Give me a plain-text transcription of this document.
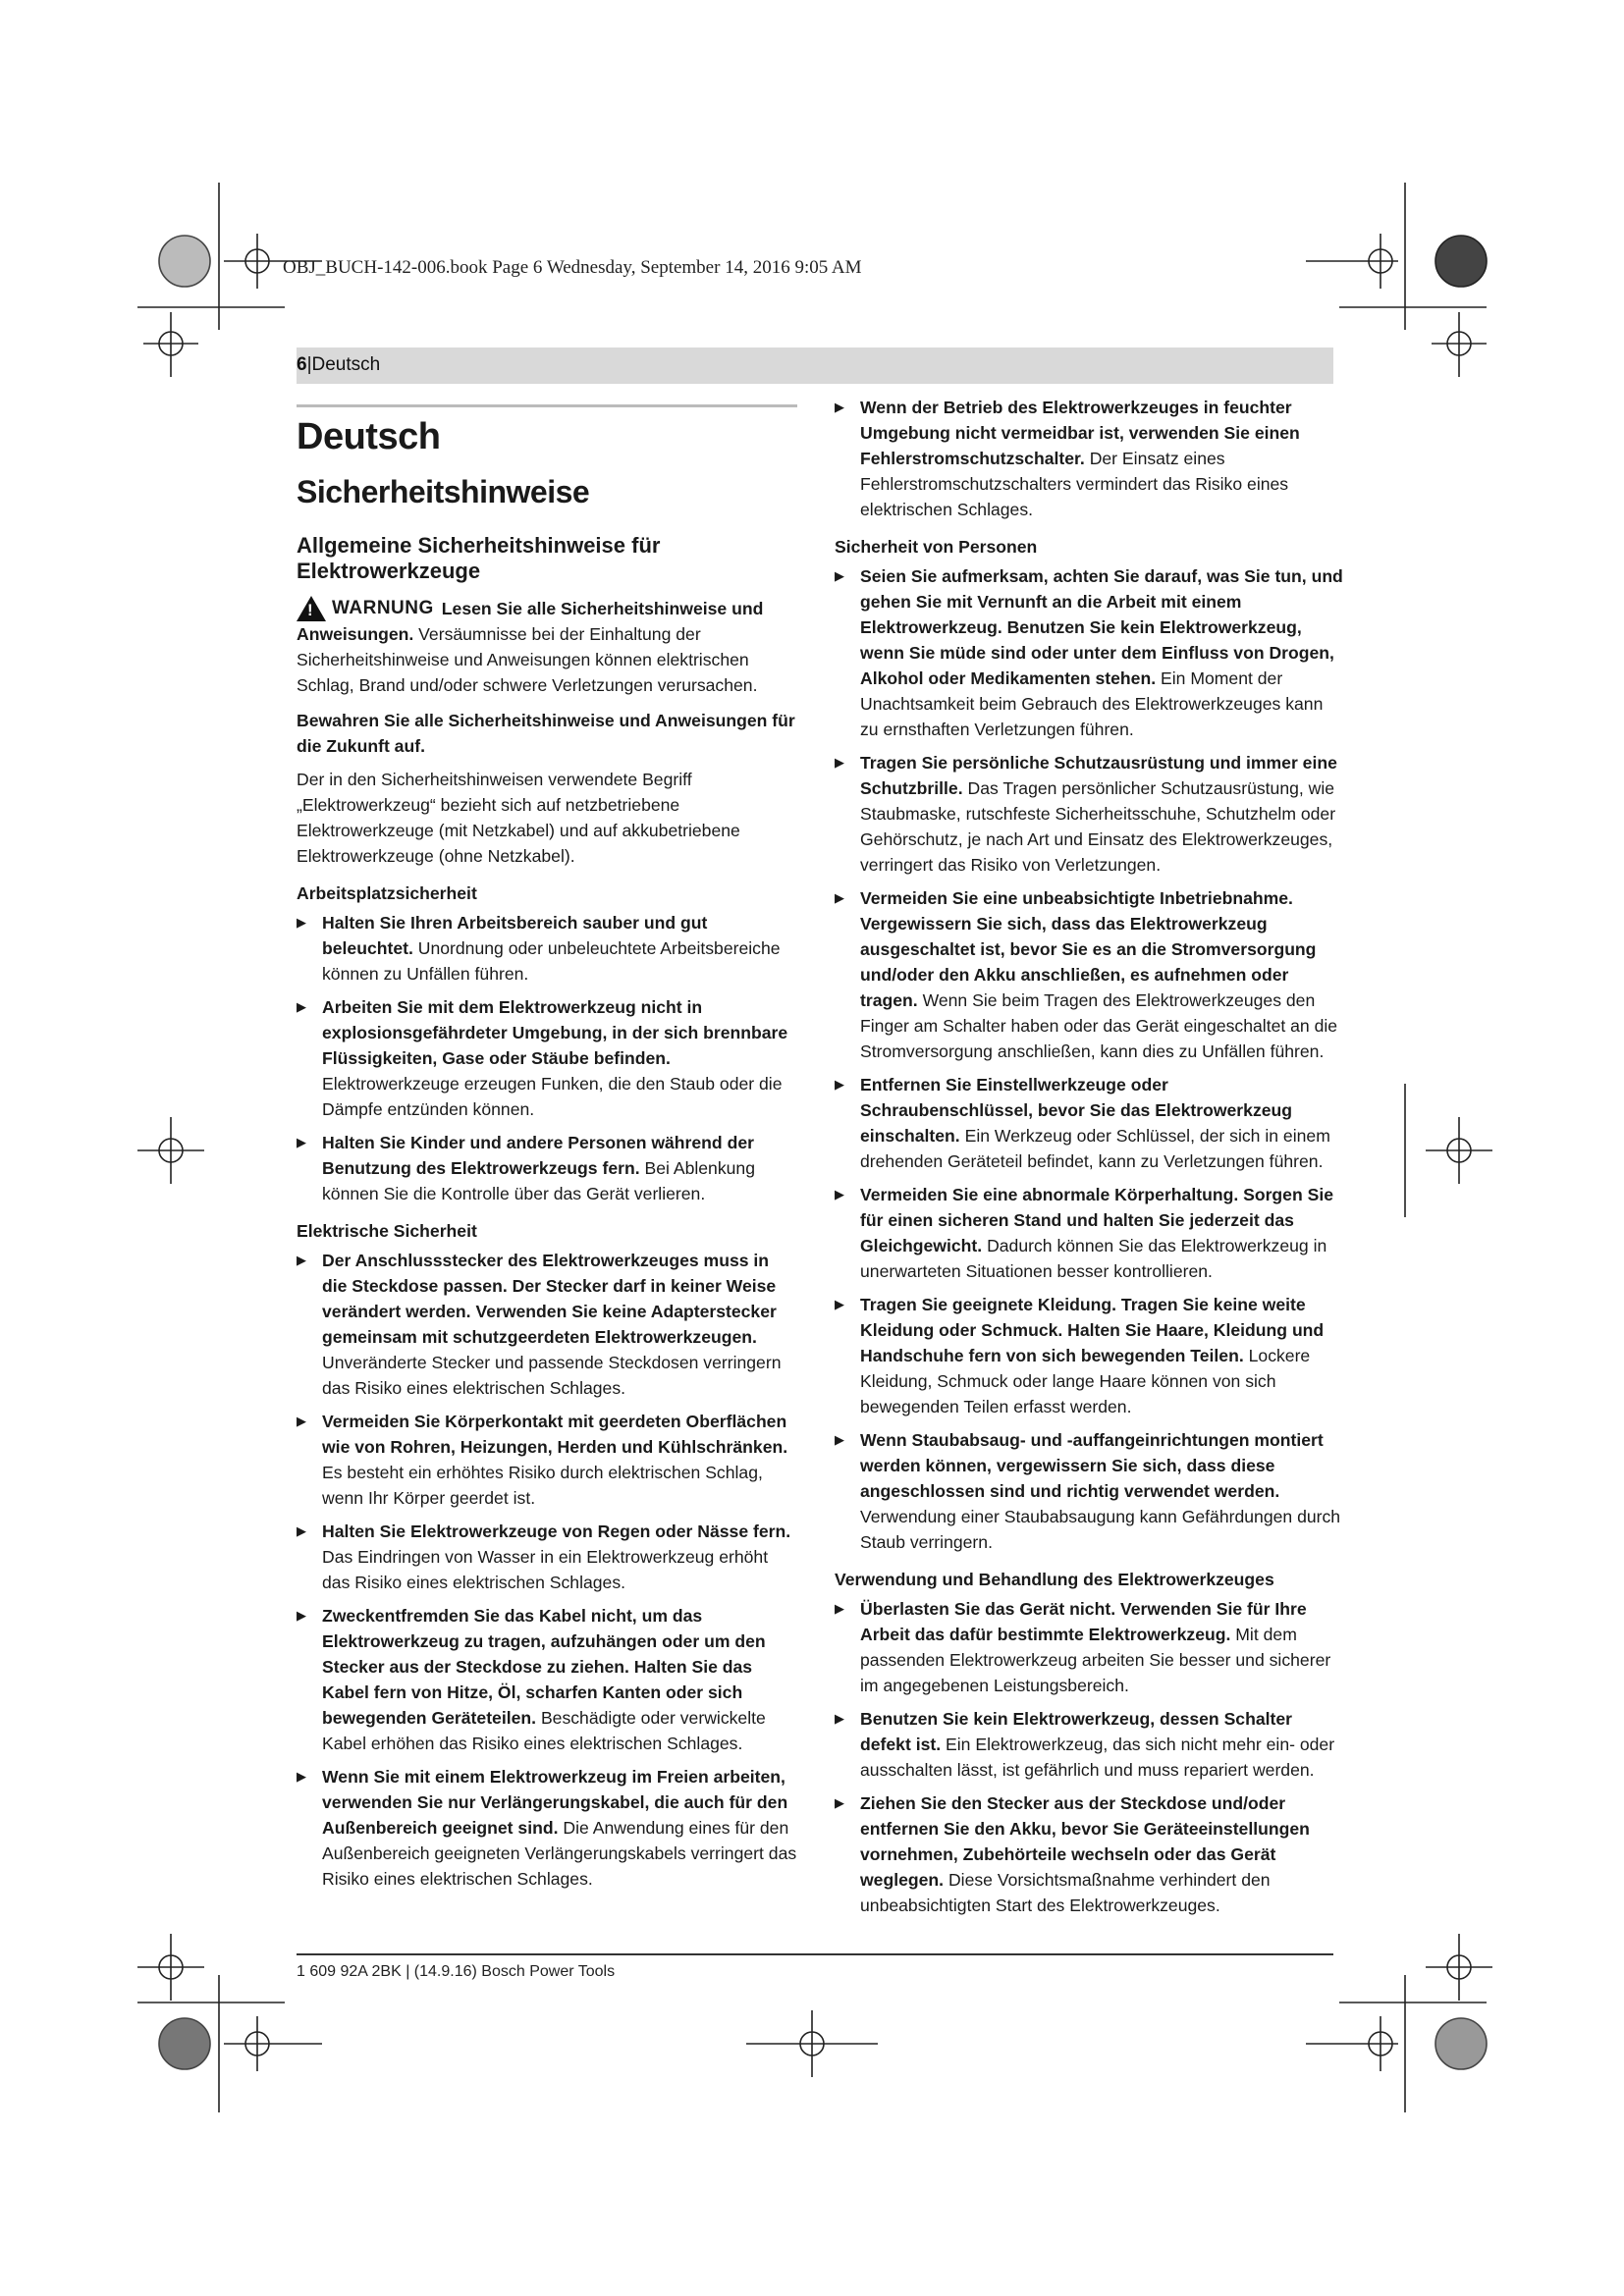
OBJ_BUCH-142-006.book Page 6 Wednesday, September 14, 2016 9:05 AM
6|Deutsch
Deutsch
Sicherheitshinweise
Allgemeine Sicherheitshinweise für Elektrowerkzeuge
! WARNUNG Lesen Sie alle Sicherheitshinweise und Anweisungen. Versäumnisse bei der Einhaltung der Sicherheitshinweise und Anweisungen können elektrischen Schlag, Brand und/oder schwere Verletzungen verursachen.

Bewahren Sie alle Sicherheitshinweise und Anweisungen für die Zukunft auf.

Der in den Sicherheitshinweisen verwendete Begriff „Elektrowerkzeug“ bezieht sich auf netzbetriebene Elektrowerkzeuge (mit Netzkabel) und auf akkubetriebene Elektrowerkzeuge (ohne Netzkabel).

Arbeitsplatzsicherheit
▶ Halten Sie Ihren Arbeitsbereich sauber und gut beleuchtet. Unordnung oder unbeleuchtete Arbeitsbereiche können zu Unfällen führen.
▶ Arbeiten Sie mit dem Elektrowerkzeug nicht in explosionsgefährdeter Umgebung, in der sich brennbare Flüssigkeiten, Gase oder Stäube befinden. Elektrowerkzeuge erzeugen Funken, die den Staub oder die Dämpfe entzünden können.
▶ Halten Sie Kinder und andere Personen während der Benutzung des Elektrowerkzeugs fern. Bei Ablenkung können Sie die Kontrolle über das Gerät verlieren.
Elektrische Sicherheit
▶ Der Anschlussstecker des Elektrowerkzeuges muss in die Steckdose passen. Der Stecker darf in keiner Weise verändert werden. Verwenden Sie keine Adapterstecker gemeinsam mit schutzgeerdeten Elektrowerkzeugen. Unveränderte Stecker und passende Steckdosen verringern das Risiko eines elektrischen Schlages.
▶ Vermeiden Sie Körperkontakt mit geerdeten Oberflächen wie von Rohren, Heizungen, Herden und Kühlschränken. Es besteht ein erhöhtes Risiko durch elektrischen Schlag, wenn Ihr Körper geerdet ist.
▶ Halten Sie Elektrowerkzeuge von Regen oder Nässe fern. Das Eindringen von Wasser in ein Elektrowerkzeug erhöht das Risiko eines elektrischen Schlages.
▶ Zweckentfremden Sie das Kabel nicht, um das Elektrowerkzeug zu tragen, aufzuhängen oder um den Stecker aus der Steckdose zu ziehen. Halten Sie das Kabel fern von Hitze, Öl, scharfen Kanten oder sich bewegenden Geräteteilen. Beschädigte oder verwickelte Kabel erhöhen das Risiko eines elektrischen Schlages.
▶ Wenn Sie mit einem Elektrowerkzeug im Freien arbeiten, verwenden Sie nur Verlängerungskabel, die auch für den Außenbereich geeignet sind. Die Anwendung eines für den Außenbereich geeigneten Verlängerungskabels verringert das Risiko eines elektrischen Schlages.
▶ Wenn der Betrieb des Elektrowerkzeuges in feuchter Umgebung nicht vermeidbar ist, verwenden Sie einen Fehlerstromschutzschalter. Der Einsatz eines Fehlerstromschutzschalters vermindert das Risiko eines elektrischen Schlages.
Sicherheit von Personen
▶ Seien Sie aufmerksam, achten Sie darauf, was Sie tun, und gehen Sie mit Vernunft an die Arbeit mit einem Elektrowerkzeug. Benutzen Sie kein Elektrowerkzeug, wenn Sie müde sind oder unter dem Einfluss von Drogen, Alkohol oder Medikamenten stehen. Ein Moment der Unachtsamkeit beim Gebrauch des Elektrowerkzeuges kann zu ernsthaften Verletzungen führen.
▶ Tragen Sie persönliche Schutzausrüstung und immer eine Schutzbrille. Das Tragen persönlicher Schutzausrüstung, wie Staubmaske, rutschfeste Sicherheitsschuhe, Schutzhelm oder Gehörschutz, je nach Art und Einsatz des Elektrowerkzeuges, verringert das Risiko von Verletzungen.
▶ Vermeiden Sie eine unbeabsichtigte Inbetriebnahme. Vergewissern Sie sich, dass das Elektrowerkzeug ausgeschaltet ist, bevor Sie es an die Stromversorgung und/oder den Akku anschließen, es aufnehmen oder tragen. Wenn Sie beim Tragen des Elektrowerkzeuges den Finger am Schalter haben oder das Gerät eingeschaltet an die Stromversorgung anschließen, kann dies zu Unfällen führen.
▶ Entfernen Sie Einstellwerkzeuge oder Schraubenschlüssel, bevor Sie das Elektrowerkzeug einschalten. Ein Werkzeug oder Schlüssel, der sich in einem drehenden Geräteteil befindet, kann zu Verletzungen führen.
▶ Vermeiden Sie eine abnormale Körperhaltung. Sorgen Sie für einen sicheren Stand und halten Sie jederzeit das Gleichgewicht. Dadurch können Sie das Elektrowerkzeug in unerwarteten Situationen besser kontrollieren.
▶ Tragen Sie geeignete Kleidung. Tragen Sie keine weite Kleidung oder Schmuck. Halten Sie Haare, Kleidung und Handschuhe fern von sich bewegenden Teilen. Lockere Kleidung, Schmuck oder lange Haare können von sich bewegenden Teilen erfasst werden.
▶ Wenn Staubabsaug- und -auffangeinrichtungen montiert werden können, vergewissern Sie sich, dass diese angeschlossen sind und richtig verwendet werden. Verwendung einer Staubabsaugung kann Gefährdungen durch Staub verringern.
Verwendung und Behandlung des Elektrowerkzeuges
▶ Überlasten Sie das Gerät nicht. Verwenden Sie für Ihre Arbeit das dafür bestimmte Elektrowerkzeug. Mit dem passenden Elektrowerkzeug arbeiten Sie besser und sicherer im angegebenen Leistungsbereich.
▶ Benutzen Sie kein Elektrowerkzeug, dessen Schalter defekt ist. Ein Elektrowerkzeug, das sich nicht mehr ein- oder ausschalten lässt, ist gefährlich und muss repariert werden.
▶ Ziehen Sie den Stecker aus der Steckdose und/oder entfernen Sie den Akku, bevor Sie Geräteeinstellungen vornehmen, Zubehörteile wechseln oder das Gerät weglegen. Diese Vorsichtsmaßnahme verhindert den unbeabsichtigten Start des Elektrowerkzeuges.
1 609 92A 2BK | (14.9.16) Bosch Power Tools
